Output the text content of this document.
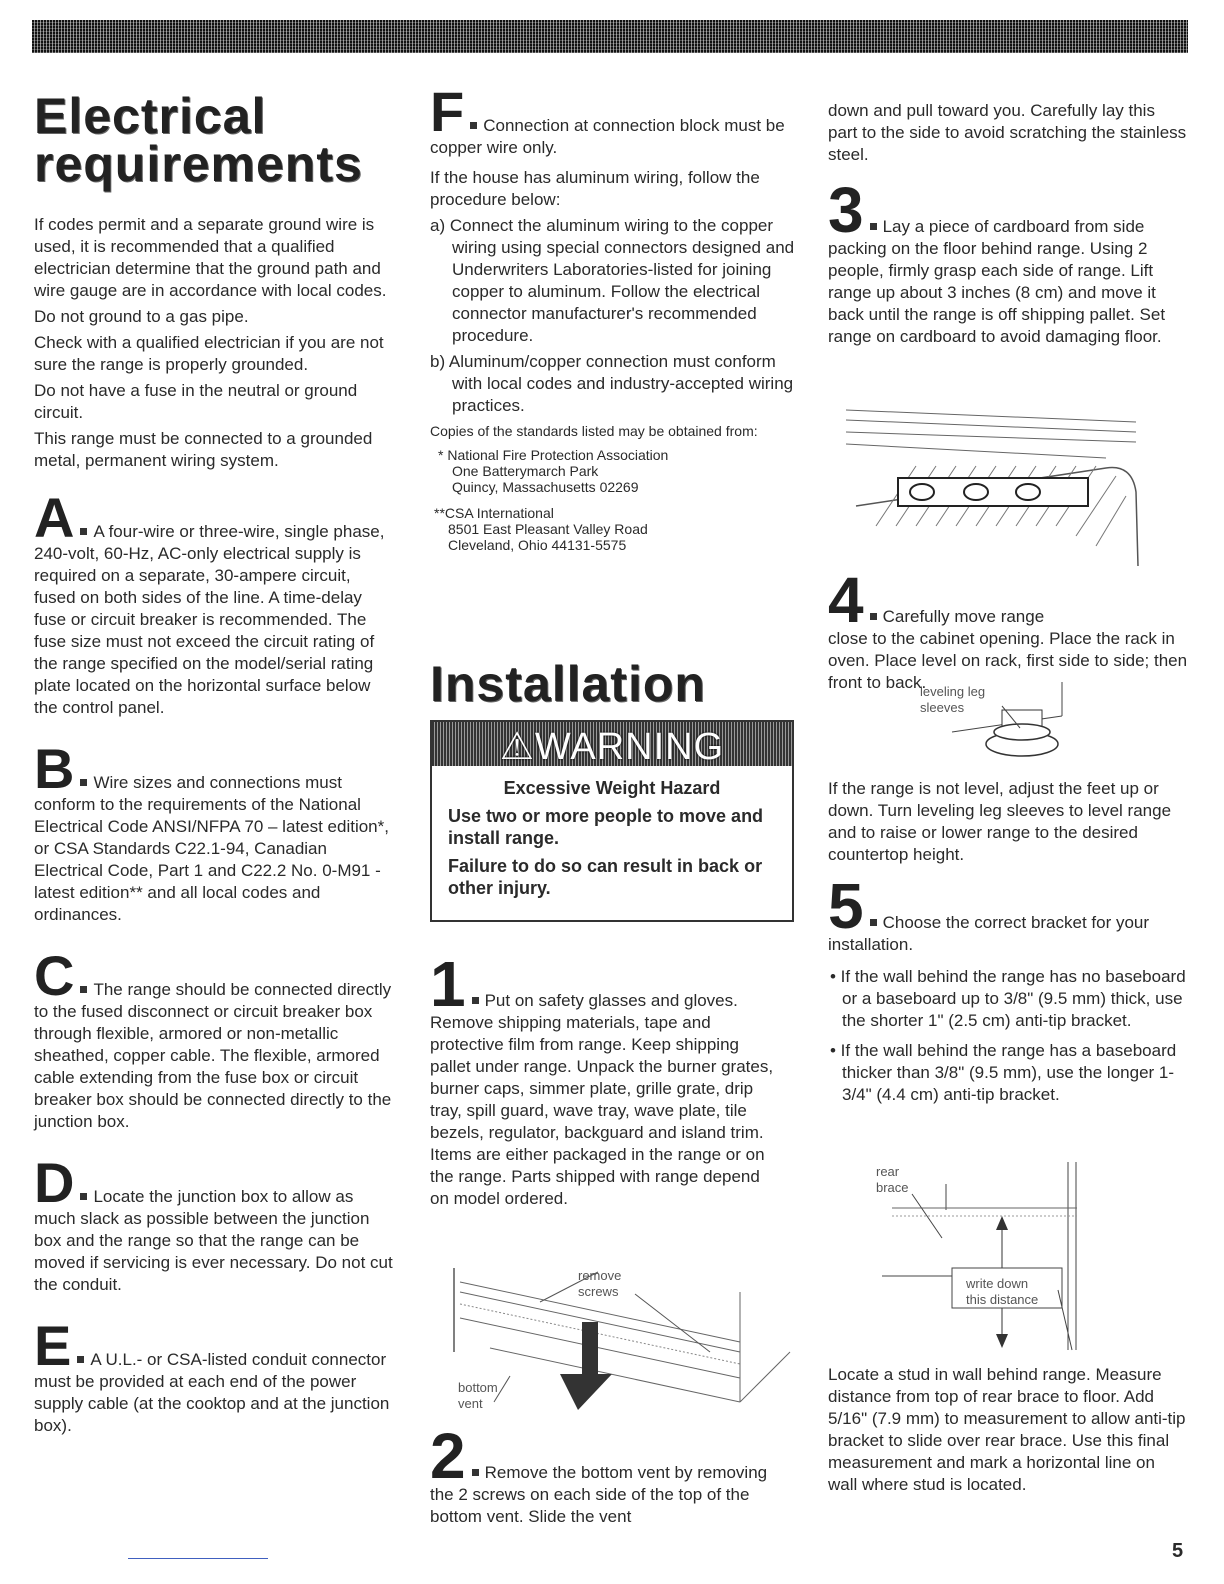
Electrical
requirements

If codes permit and a separate ground wire is used, it is recommended that a qualified electrician determine that the ground path and wire gauge are in accordance with local codes.

Do not ground to a gas pipe.

Check with a qualified electrician if you are not sure the range is properly grounded.

Do not have a fuse in the neutral or ground circuit.

This range must be connected to a grounded metal, permanent wiring system.

A A four-wire or three-wire, single phase, 240-volt, 60-Hz, AC-only electrical supply is required on a separate, 30-ampere circuit, fused on both sides of the line. A time-delay fuse or circuit breaker is recommended. The fuse size must not exceed the circuit rating of the range specified on the model/serial rating plate located on the horizontal surface below the control panel.

B Wire sizes and connections must conform to the requirements of the National Electrical Code ANSI/NFPA 70 – latest edition*, or CSA Standards C22.1-94, Canadian Electrical Code, Part 1 and C22.2 No. 0-M91 - latest edition** and all local codes and ordinances.

C The range should be connected directly to the fused disconnect or circuit breaker box through flexible, armored or non-metallic sheathed, copper cable. The flexible, armored cable extending from the fuse box or circuit breaker box should be connected directly to the junction box.

D Locate the junction box to allow as much slack as possible between the junction box and the range so that the range can be moved if servicing is ever necessary. Do not cut the conduit.

E A U.L.- or CSA-listed conduit connector must be provided at each end of the power supply cable (at the cooktop and at the junction box).

F Connection at connection block must be copper wire only.

If the house has aluminum wiring, follow the procedure below:

a) Connect the aluminum wiring to the copper wiring using special connectors designed and Underwriters Laboratories-listed for joining copper to aluminum. Follow the electrical connector manufacturer's recommended procedure.

b) Aluminum/copper connection must conform with local codes and industry-accepted wiring practices.

Copies of the standards listed may be obtained from:

* National Fire Protection Association
One Batterymarch Park
Quincy, Massachusetts 02269
**CSA International
8501 East Pleasant Valley Road
Cleveland, Ohio 44131-5575
Installation
⚠WARNING
Excessive Weight Hazard
Use two or more people to move and install range.
Failure to do so can result in back or other injury.

1 Put on safety glasses and gloves. Remove shipping materials, tape and protective film from range. Keep shipping pallet under range. Unpack the burner grates, burner caps, simmer plate, grille grate, drip tray, spill guard, wave tray, wave plate, tile bezels, regulator, backguard and island trim. Items are either packaged in the range or on the range. Parts shipped with range depend on model ordered.

remove
screws
bottom
vent

2 Remove the bottom vent by removing the 2 screws on each side of the top of the bottom vent. Slide the vent

down and pull toward you. Carefully lay this part to the side to avoid scratching the stainless steel.

3 Lay a piece of cardboard from side packing on the floor behind range. Using 2 people, firmly grasp each side of range. Lift range up about 3 inches (8 cm) and move it back until the range is off shipping pallet. Set range on cardboard to avoid damaging floor.

4 Carefully move range

close to the cabinet opening. Place the rack in oven. Place level on rack, first side to side; then front to back.

leveling leg
sleeves

If the range is not level, adjust the feet up or down. Turn leveling leg sleeves to level range and to raise or lower range to the desired countertop height.

5 Choose the correct bracket for your installation.

• If the wall behind the range has no baseboard or a baseboard up to 3/8" (9.5 mm) thick, use the shorter 1" (2.5 cm) anti-tip bracket.

• If the wall behind the range has a baseboard thicker than 3/8" (9.5 mm), use the longer 1-3/4" (4.4 cm) anti-tip bracket.

rear
brace
write down
this distance

Locate a stud in wall behind range. Measure distance from top of rear brace to floor. Add 5/16" (7.9 mm) to measurement to allow anti-tip bracket to slide over rear brace. Use this final measurement and mark a horizontal line on wall where stud is located.

5
